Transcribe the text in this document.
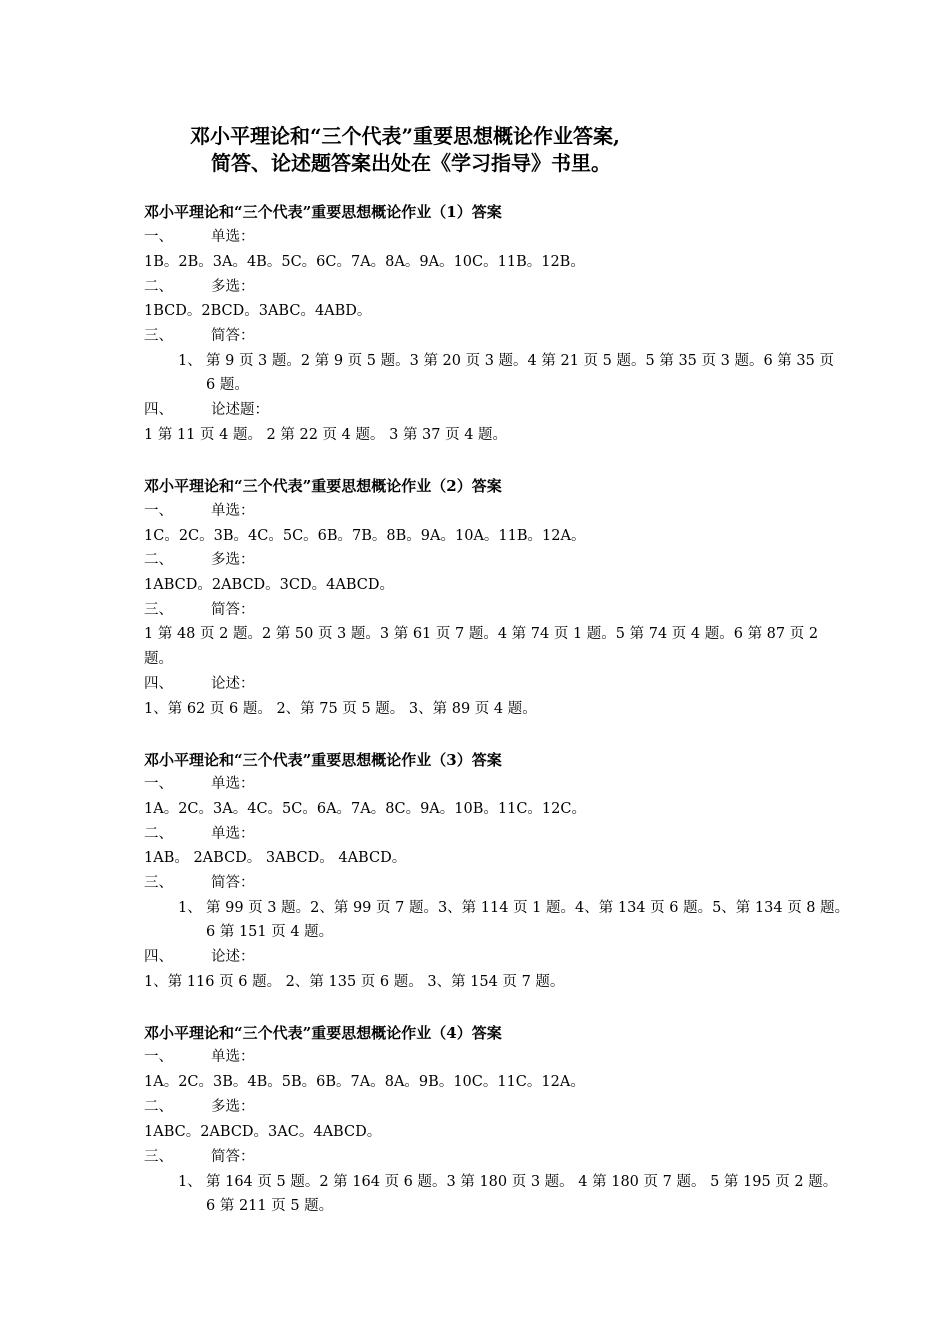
邓小平理论和“三个代表”重要思想概论作业答案,
简答、论述题答案出处在《学习指导》书里。
邓小平理论和“三个代表”重要思想概论作业（1）答案
一、	单选：
1B。2B。3A。4B。5C。6C。7A。8A。9A。10C。11B。12B。
二、	多选：
1BCD。2BCD。3ABC。4ABD。
三、	简答：
1、 第 9 页 3 题。2 第 9 页 5 题。3 第 20 页 3 题。4 第 21 页 5 题。5 第 35 页 3 题。6 第 35 页
6 题。
四、	论述题：
1 第 11 页 4 题。 2 第 22 页 4 题。 3 第 37 页 4 题。
邓小平理论和“三个代表”重要思想概论作业（2）答案
一、	单选：
1C。2C。3B。4C。5C。6B。7B。8B。9A。10A。11B。12A。
二、	多选：
1ABCD。2ABCD。3CD。4ABCD。
三、	简答：
1 第 48 页 2 题。2 第 50 页 3 题。3 第 61 页 7 题。4 第 74 页 1 题。5 第 74 页 4 题。6 第 87 页 2
题。
四、	论述：
1、第 62 页 6 题。 2、第 75 页 5 题。 3、第 89 页 4 题。
邓小平理论和“三个代表”重要思想概论作业（3）答案
一、	单选：
1A。2C。3A。4C。5C。6A。7A。8C。9A。10B。11C。12C。
二、	单选：
1AB。 2ABCD。 3ABCD。 4ABCD。
三、	简答：
1、 第 99 页 3 题。2、第 99 页 7 题。3、第 114 页 1 题。4、第 134 页 6 题。5、第 134 页 8 题。
6 第 151 页 4 题。
四、	论述：
1、第 116 页 6 题。 2、第 135 页 6 题。 3、第 154 页 7 题。
邓小平理论和“三个代表”重要思想概论作业（4）答案
一、	单选：
1A。2C。3B。4B。5B。6B。7A。8A。9B。10C。11C。12A。
二、	多选：
1ABC。2ABCD。3AC。4ABCD。
三、	简答：
1、 第 164 页 5 题。2 第 164 页 6 题。3 第 180 页 3 题。 4 第 180 页 7 题。 5 第 195 页 2 题。
6 第 211 页 5 题。
